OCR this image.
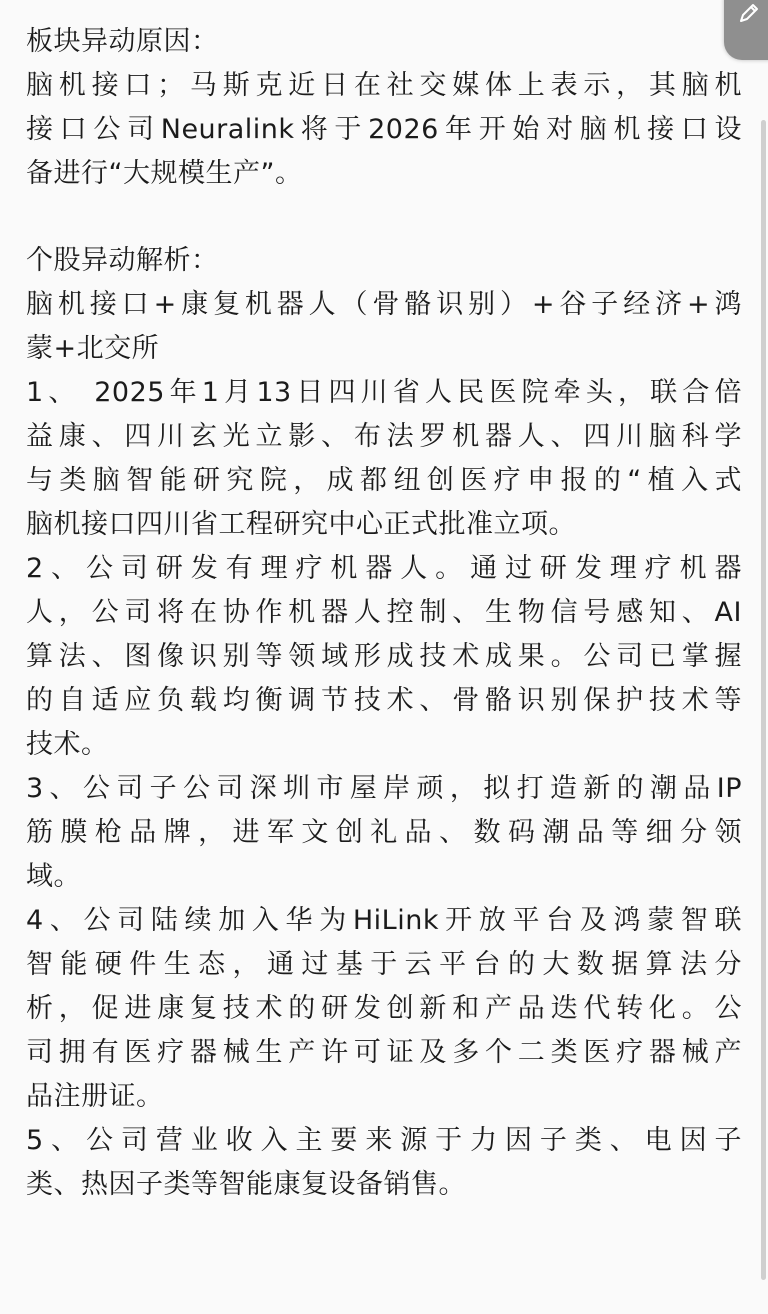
板块异动原因：
脑机接口；马斯克近日在社交媒体上表示，其脑机
接口公司Neuralink将于2026年开始对脑机接口设
备进行“大规模生产”。
个股异动解析：
脑机接口+康复机器人（骨骼识别）+谷子经济+鸿
蒙+北交所
1、 2025年1月13日四川省人民医院牵头，联合倍
益康、四川玄光立影、布法罗机器人、四川脑科学
与类脑智能研究院，成都纽创医疗申报的“植入式
脑机接口四川省工程研究中心正式批准立项。
2、公司研发有理疗机器人。通过研发理疗机器
人，公司将在协作机器人控制、生物信号感知、AI
算法、图像识别等领域形成技术成果。公司已掌握
的自适应负载均衡调节技术、骨骼识别保护技术等
技术。
3、公司子公司深圳市屋岸顽，拟打造新的潮品IP
筋膜枪品牌，进军文创礼品、数码潮品等细分领
域。
4、公司陆续加入华为HiLink开放平台及鸿蒙智联
智能硬件生态，通过基于云平台的大数据算法分
析，促进康复技术的研发创新和产品迭代转化。公
司拥有医疗器械生产许可证及多个二类医疗器械产
品注册证。
5、公司营业收入主要来源于力因子类、电因子
类、热因子类等智能康复设备销售。
